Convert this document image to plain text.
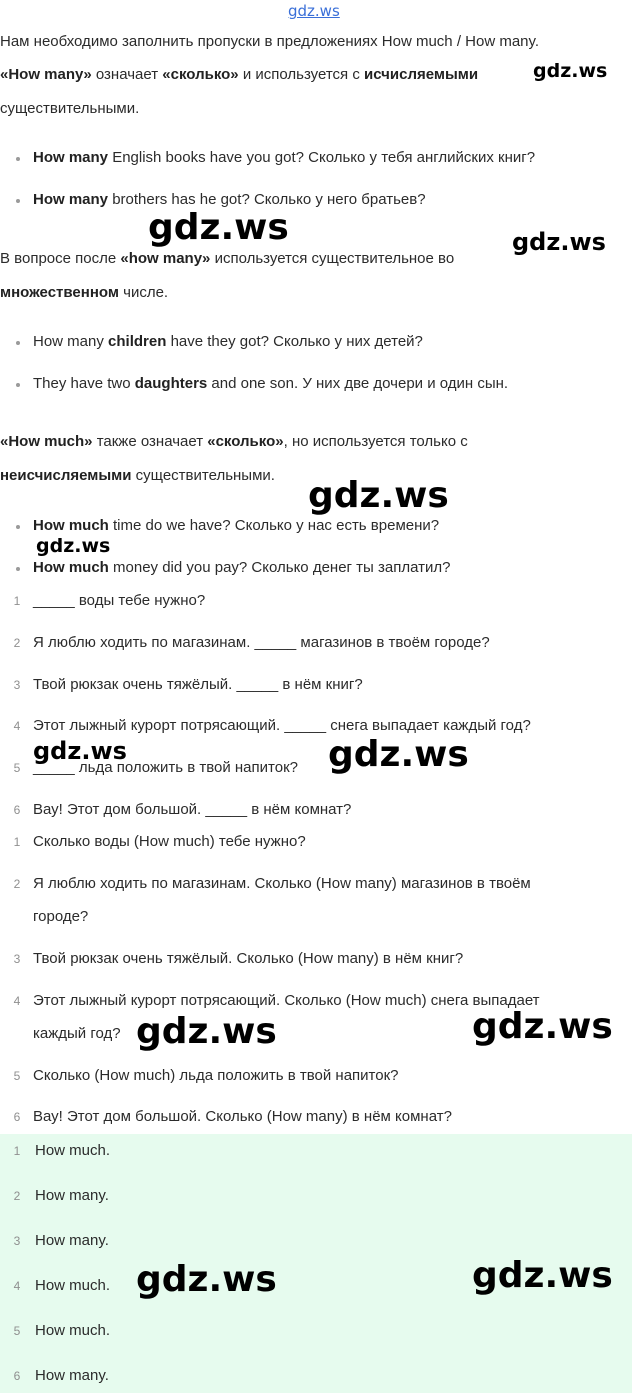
gdz.ws
Нам необходимо заполнить пропуски в предложениях How much / How many.
«How many» означает «сколько» и используется с исчисляемыми
существительными.
How many English books have you got? Сколько у тебя английских книг?
How many brothers has he got? Сколько у него братьев?
В вопросе после «how many» используется существительное во
множественном числе.
How many children have they got? Сколько у них детей?
They have two daughters and one son. У них две дочери и один сын.
«How much» также означает «сколько», но используется только с
неисчисляемыми существительными.
How much time do we have? Сколько у нас есть времени?
How much money did you pay? Сколько денег ты заплатил?
1 _____ воды тебе нужно?
2 Я люблю ходить по магазинам. _____ магазинов в твоём городе?
3 Твой рюкзак очень тяжёлый. _____ в нём книг?
4 Этот лыжный курорт потрясающий. _____ снега выпадает каждый год?
5 _____ льда положить в твой напиток?
6 Вау! Этот дом большой. _____ в нём комнат?
1 Сколько воды (How much) тебе нужно?
2 Я люблю ходить по магазинам. Сколько (How many) магазинов в твоём
городе?
3 Твой рюкзак очень тяжёлый. Сколько (How many) в нём книг?
4 Этот лыжный курорт потрясающий. Сколько (How much) снега выпадает
каждый год?
5 Сколько (How much) льда положить в твой напиток?
6 Вау! Этот дом большой. Сколько (How many) в нём комнат?
1 How much.
2 How many.
3 How many.
4 How much.
5 How much.
6 How many.
gdz.ws
gdz.ws	gdz.ws
gdz.ws
gdz.ws
gdz.ws	gdz.ws
gdz.ws	gdz.ws
gdz.ws	gdz.ws
